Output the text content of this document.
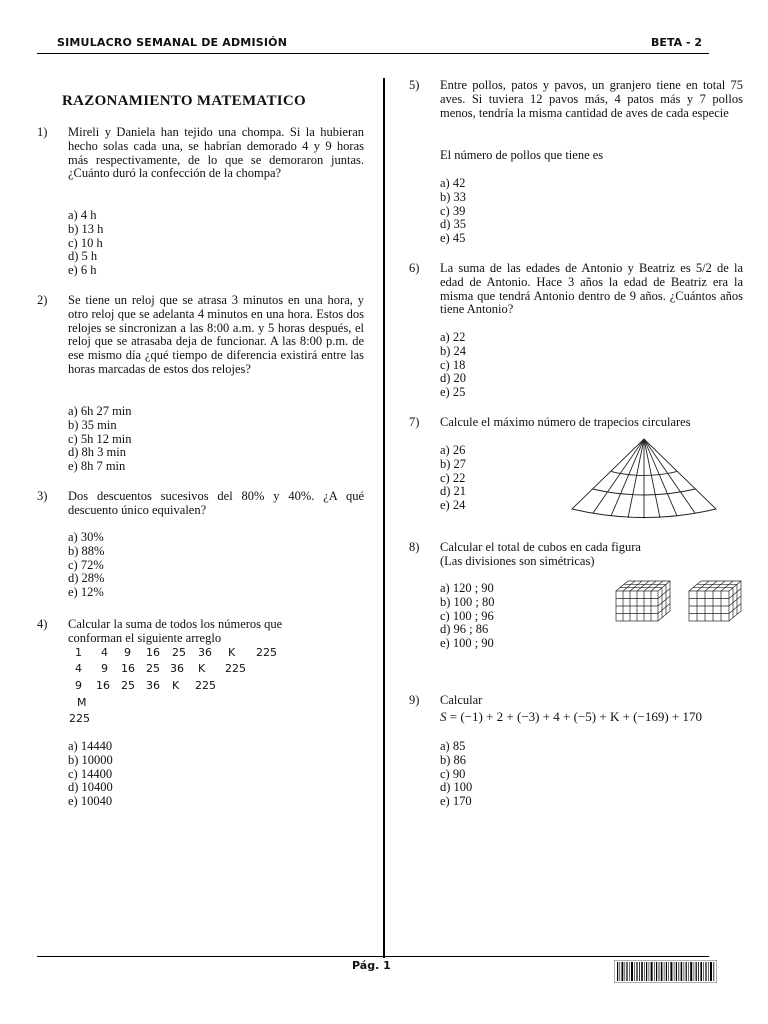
SIMULACRO SEMANAL DE ADMISIÓN	BETA - 2
RAZONAMIENTO MATEMATICO
1) Mireli y Daniela han tejido una chompa. Si la hubieran hecho solas cada una, se habrían demorado 4 y 9 horas más respectivamente, de lo que se demoraron juntas. ¿Cuánto duró la confección de la chompa?
a) 4 h
b) 13 h
c) 10 h
d) 5 h
e) 6 h
2) Se tiene un reloj que se atrasa 3 minutos en una hora, y otro reloj que se adelanta 4 minutos en una hora. Estos dos relojes se sincronizan a las 8:00 a.m. y 5 horas después, el reloj que se atrasaba deja de funcionar. A las 8:00 p.m. de ese mismo día ¿qué tiempo de diferencia existirá entre las horas marcadas de estos dos relojes?
a) 6h 27 min
b) 35 min
c) 5h 12 min
d) 8h 3 min
e) 8h 7 min
3) Dos descuentos sucesivos del 80% y 40%. ¿A qué descuento único equivalen?
a) 30%
b) 88%
c) 72%
d) 28%
e) 12%
4) Calcular la suma de todos los números que conforman el siguiente arreglo
a) 14440
b) 10000
c) 14400
d) 10400
e) 10040
1 4 9 16 25 36 K 225
4 9 16 25 36 K 225
9 16 25 36 K 225
M
225
5) Entre pollos, patos y pavos, un granjero tiene en total 75 aves. Si tuviera 12 pavos más, 4 patos más y 7 pollos menos, tendría la misma cantidad de aves de cada especie
El número de pollos que tiene es
a) 42
b) 33
c) 39
d) 35
e) 45
6) La suma de las edades de Antonio y Beatriz es 5/2 de la edad de Antonio. Hace 3 años la edad de Beatriz era la misma que tendrá Antonio dentro de 9 años. ¿Cuántos años tiene Antonio?
a) 22
b) 24
c) 18
d) 20
e) 25
7) Calcule el máximo número de trapecios circulares
a) 26
b) 27
c) 22
d) 21
e) 24
8) Calcular el total de cubos en cada figura
(Las divisiones son simétricas)
a) 120 ; 90
b) 100 ; 80
c) 100 ; 96
d) 96 ; 86
e) 100 ; 90
9) Calcular
a) 85
b) 86
c) 90
d) 100
e) 170
S = (−1) + 2 + (−3) + 4 + (−5) + K + (−169) + 170
Pág. 1
